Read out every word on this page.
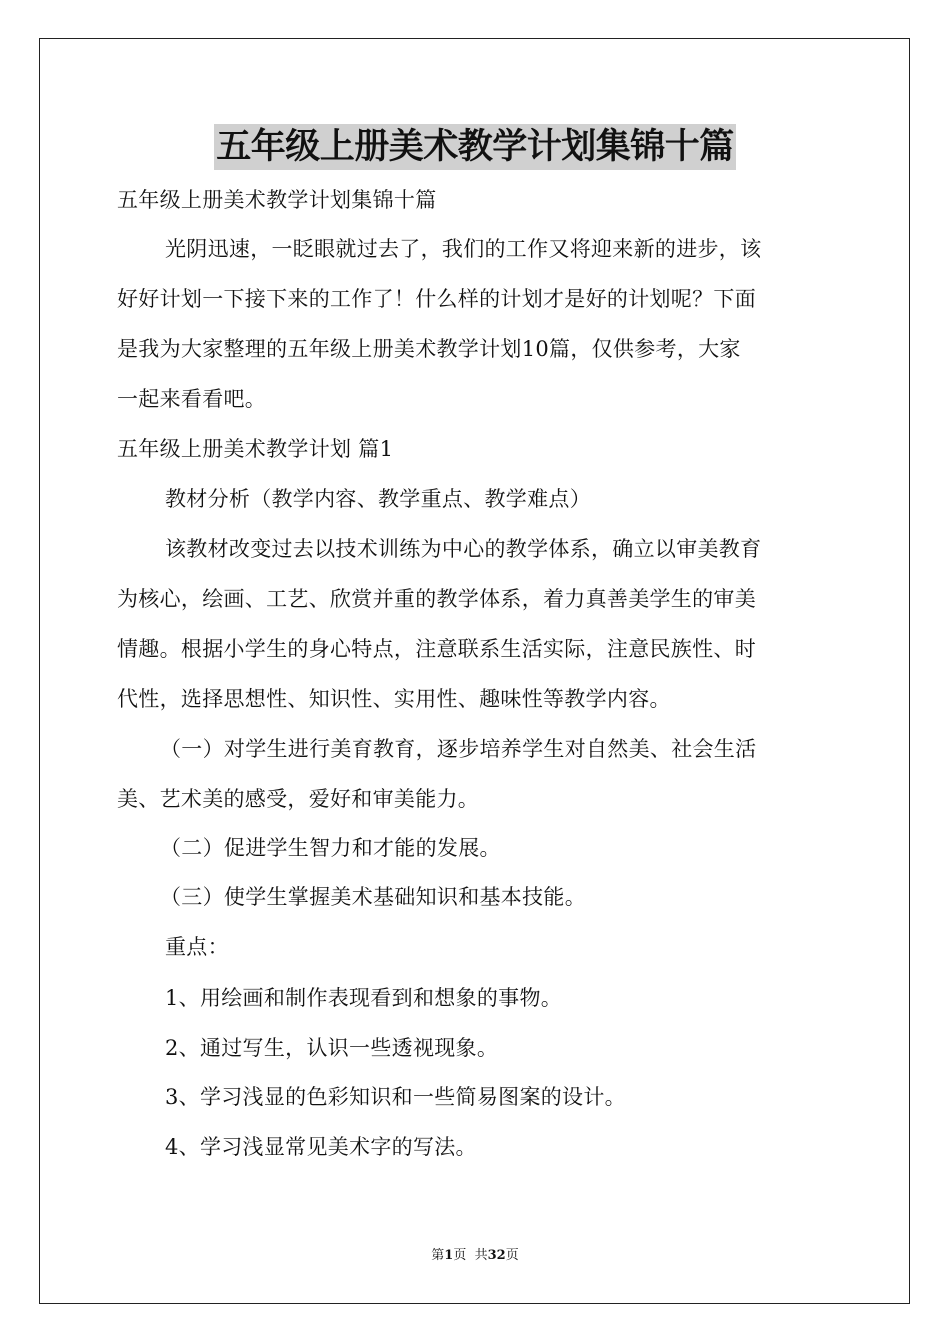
五年级上册美术教学计划集锦十篇
五年级上册美术教学计划集锦十篇
光阴迅速，一眨眼就过去了，我们的工作又将迎来新的进步，该
好好计划一下接下来的工作了！什么样的计划才是好的计划呢？下面
是我为大家整理的五年级上册美术教学计划10篇，仅供参考，大家
一起来看看吧。
五年级上册美术教学计划 篇1
教材分析（教学内容、教学重点、教学难点）
该教材改变过去以技术训练为中心的教学体系，确立以审美教育
为核心，绘画、工艺、欣赏并重的教学体系，着力真善美学生的审美
情趣。根据小学生的身心特点，注意联系生活实际，注意民族性、时
代性，选择思想性、知识性、实用性、趣味性等教学内容。
（一）对学生进行美育教育，逐步培养学生对自然美、社会生活
美、艺术美的感受，爱好和审美能力。
（二）促进学生智力和才能的发展。
（三）使学生掌握美术基础知识和基本技能。
重点：
1、用绘画和制作表现看到和想象的事物。
2、通过写生，认识一些透视现象。
3、学习浅显的色彩知识和一些简易图案的设计。
4、学习浅显常见美术字的写法。
第1页  共32页
